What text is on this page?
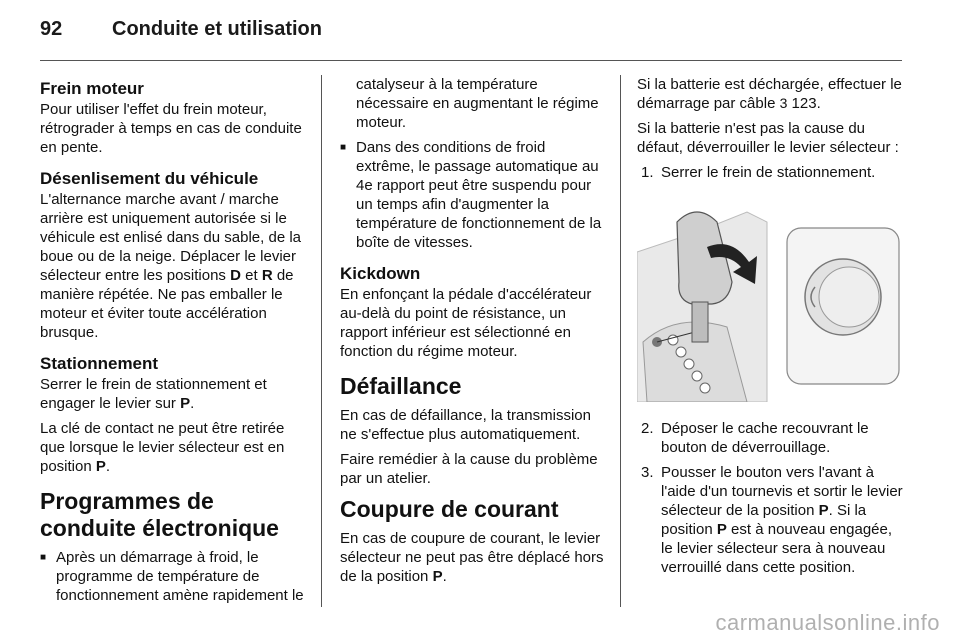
92 Conduite et utilisation
Frein moteur

Pour utiliser l'effet du frein moteur, rétrograder à temps en cas de conduite en pente.

Désenlisement du véhicule

L'alternance marche avant / marche arrière est uniquement autorisée si le véhicule est enlisé dans du sable, de la boue ou de la neige. Déplacer le levier sélecteur entre les positions D et R de manière répétée. Ne pas emballer le moteur et éviter toute accélération brusque.

Stationnement

Serrer le frein de stationnement et engager le levier sur P.

La clé de contact ne peut être retirée que lorsque le levier sélecteur est en position P.

Programmes de conduite électronique
■ Après un démarrage à froid, le programme de température de fonctionnement amène rapidement le

catalyseur à la température nécessaire en augmentant le régime moteur.

■ Dans des conditions de froid extrême, le passage automatique au 4e rapport peut être suspendu pour un temps afin d'augmenter la température de fonctionnement de la boîte de vitesses.
Kickdown

En enfonçant la pédale d'accélérateur au-delà du point de résistance, un rapport inférieur est sélectionné en fonction du régime moteur.

Défaillance

En cas de défaillance, la transmission ne s'effectue plus automatiquement.

Faire remédier à la cause du problème par un atelier.

Coupure de courant

En cas de coupure de courant, le levier sélecteur ne peut pas être déplacé hors de la position P.

Si la batterie est déchargée, effectuer le démarrage par câble 3 123.

Si la batterie n'est pas la cause du défaut, déverrouiller le levier sélecteur :

1. Serrer le frein de stationnement.
2. Déposer le cache recouvrant le bouton de déverrouillage.
3. Pousser le bouton vers l'avant à l'aide d'un tournevis et sortir le levier sélecteur de la position P. Si la position P est à nouveau engagée, le levier sélecteur sera à nouveau verrouillé dans cette position.
carmanualsonline.info
